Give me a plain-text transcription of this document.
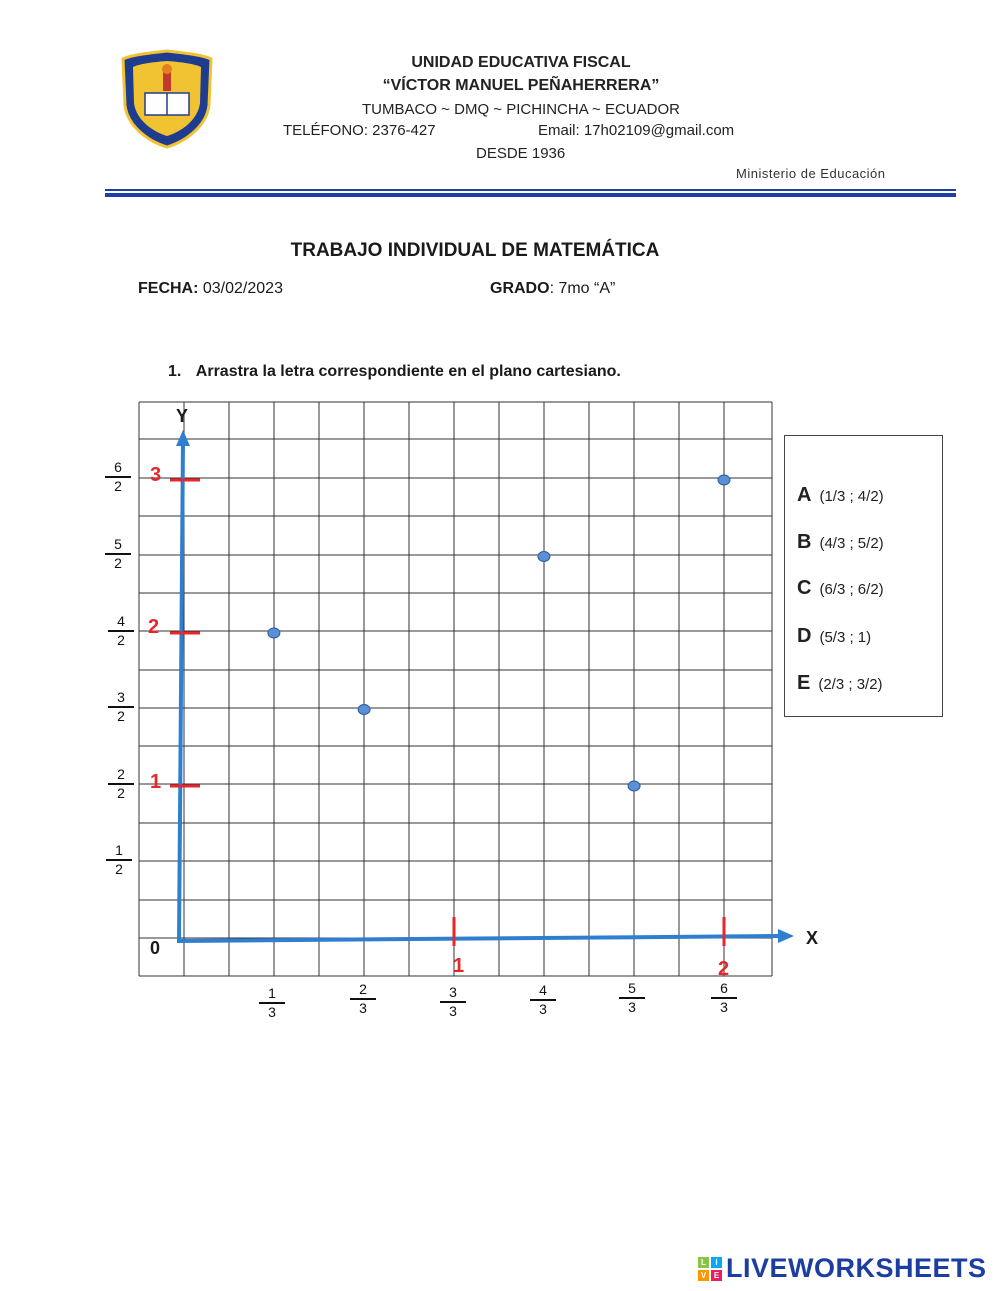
UNIDAD EDUCATIVA FISCAL
“VÍCTOR MANUEL PEÑAHERRERA”
TUMBACO ~ DMQ ~ PICHINCHA ~ ECUADOR
TELÉFONO: 2376-427	Email: 17h02109@gmail.com
DESDE 1936
Ministerio de Educación
TRABAJO INDIVIDUAL DE MATEMÁTICA
FECHA: 03/02/2023	GRADO: 7mo “A”
1. Arrastra la letra correspondiente en el plano cartesiano.
Y
X
0
3
2
1
1	2
6
2
5
2
4
2
3
2
2
2
1
2
1
3
2
3
3
3
4
3
5
3
6
3
A (1/3 ; 4/2)
B (4/3 ; 5/2)
C (6/3 ; 6/2)
D (5/3 ; 1)
E (2/3 ; 3/2)
L	I
V E LIVEWORKSHEETS
